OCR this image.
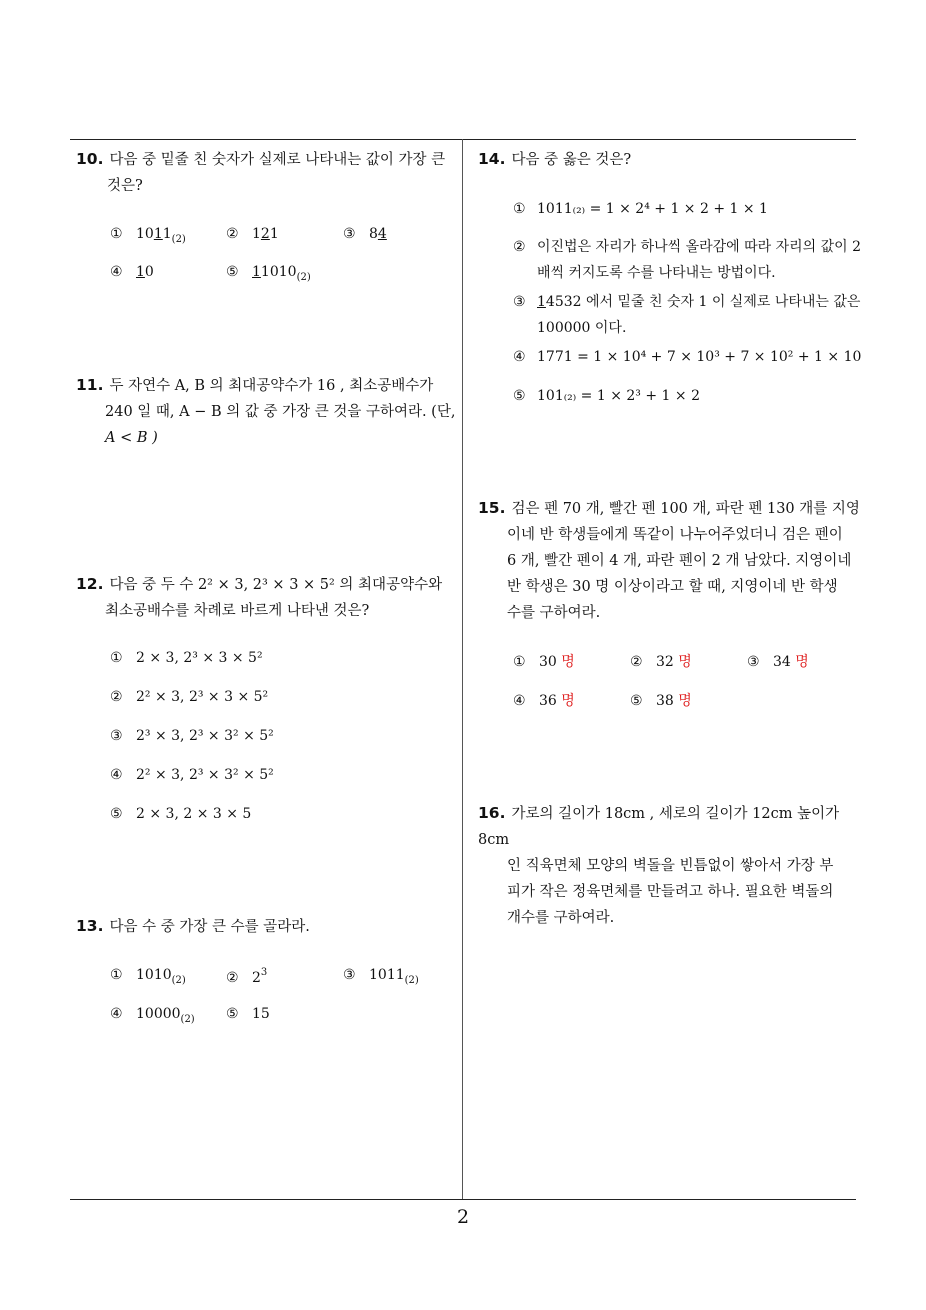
10. 다음 중 밑줄 친 숫자가 실제로 나타내는 값이 가장 큰
것은?
① $1011_{(2)}$	② 121	③ 84
④ 10	⑤ $11010_{(2)}$
11. 두 자연수 A, B 의 최대공약수가 16 , 최소공배수가
240 일 때, A − B 의 값 중 가장 큰 것을 구하여라. (단,
A < B )
12. 다음 중 두 수 2² × 3, 2³ × 3 × 5² 의 최대공약수와
최소공배수를 차례로 바르게 나타낸 것은?
① 2 × 3, 2³ × 3 × 5²
② 2² × 3, 2³ × 3 × 5²
③ 2³ × 3, 2³ × 3² × 5²
④ 2² × 3, 2³ × 3² × 5²
⑤ 2 × 3, 2 × 3 × 5
13. 다음 수 중 가장 큰 수를 골라라.
① $1010_{(2)}$	② $2^3$	③ $1011_{(2)}$
④ $10000_{(2)}$ ⑤ 15
14. 다음 중 옳은 것은?
① 1011₍₂₎ = 1 × 2⁴ + 1 × 2 + 1 × 1
② 이진법은 자리가 하나씩 올라감에 따라 자리의 값이 2 배씩 커지도록 수를 나타내는 방법이다.
③ 14532 에서 밑줄 친 숫자 1 이 실제로 나타내는 값은 100000 이다.
④ 1771 = 1 × 10⁴ + 7 × 10³ + 7 × 10² + 1 × 10
⑤ 101₍₂₎ = 1 × 2³ + 1 × 2
15. 검은 펜 70 개, 빨간 펜 100 개, 파란 펜 130 개를 지영
이네 반 학생들에게 똑같이 나누어주었더니 검은 펜이
6 개, 빨간 펜이 4 개, 파란 펜이 2 개 남았다. 지영이네
반 학생은 30 명 이상이라고 할 때, 지영이네 반 학생
수를 구하여라.
① 30 명	② 32 명	③ 34 명
④ 36 명	⑤ 38 명
16. 가로의 길이가 18cm , 세로의 길이가 12cm 높이가 8cm
인 직육면체 모양의 벽돌을 빈틈없이 쌓아서 가장 부
피가 작은 정육면체를 만들려고 하나. 필요한 벽돌의
개수를 구하여라.
2
